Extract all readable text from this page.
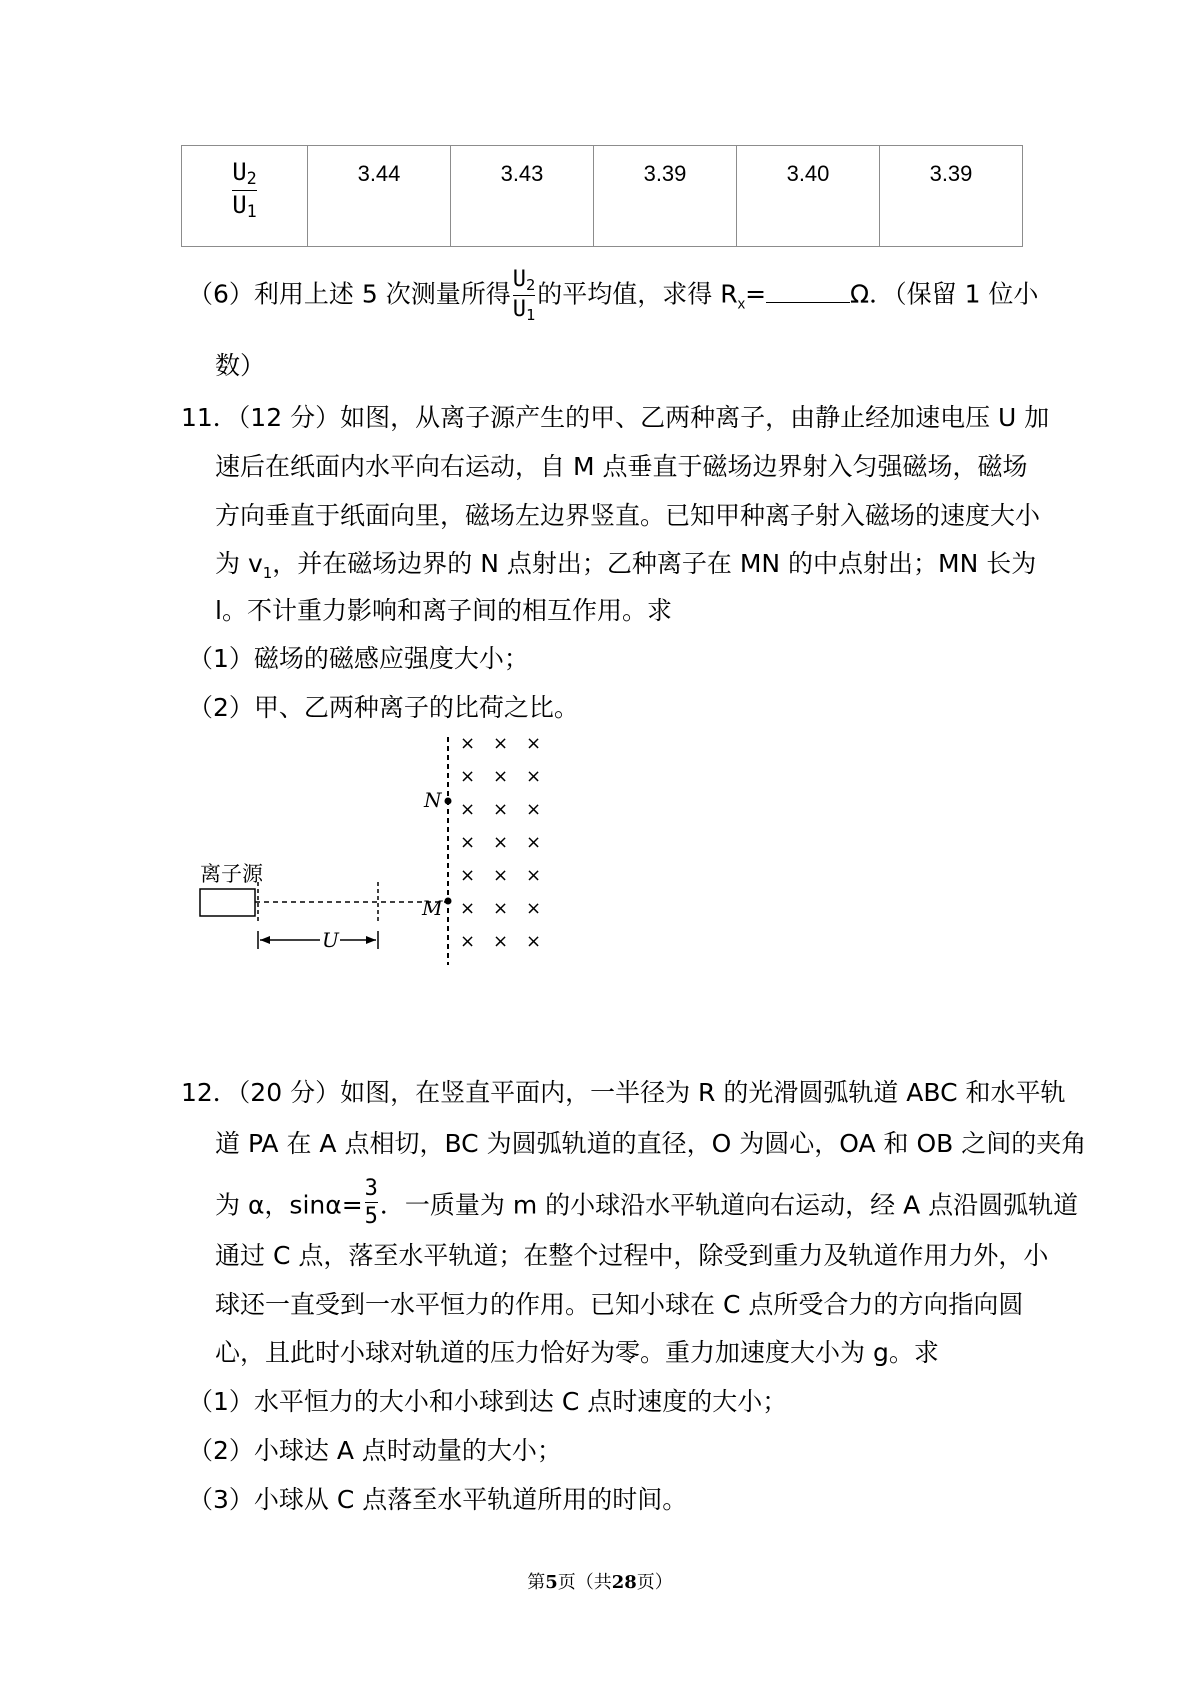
$\frac{U_2}{U_1}$	3.44	3.43	3.39	3.40	3.39
（6）利用上述 5 次测量所得 $\frac{U_2}{U_1}$ 的平均值，求得 $R_x=$	Ω．（保留 1 位小
数）
11．（12 分）如图，从离子源产生的甲、乙两种离子，由静止经加速电压 U 加
速后在纸面内水平向右运动，自 M 点垂直于磁场边界射入匀强磁场，磁场
方向垂直于纸面向里，磁场左边界竖直。已知甲种离子射入磁场的速度大小
为 $v_1$，并在磁场边界的 N 点射出；乙种离子在 MN 的中点射出；MN 长为
l。不计重力影响和离子间的相互作用。求
（1）磁场的磁感应强度大小；
（2）甲、乙两种离子的比荷之比。
× × ×
× × ×
× × ×
× × ×
× × ×
× × ×
× × ×
离子源
N
M
U
12．（20 分）如图，在竖直平面内，一半径为 R 的光滑圆弧轨道 ABC 和水平轨
道 PA 在 A 点相切，BC 为圆弧轨道的直径，O 为圆心，OA 和 OB 之间的夹角
为 α，$\sin\alpha= \frac{3}{5}$ ．一质量为 m 的小球沿水平轨道向右运动，经 A 点沿圆弧轨道
通过 C 点，落至水平轨道；在整个过程中，除受到重力及轨道作用力外，小
球还一直受到一水平恒力的作用。已知小球在 C 点所受合力的方向指向圆
心，且此时小球对轨道的压力恰好为零。重力加速度大小为 g。求
（1）水平恒力的大小和小球到达 C 点时速度的大小；
（2）小球达 A 点时动量的大小；
（3）小球从 C 点落至水平轨道所用的时间。
第5页（共28页）
